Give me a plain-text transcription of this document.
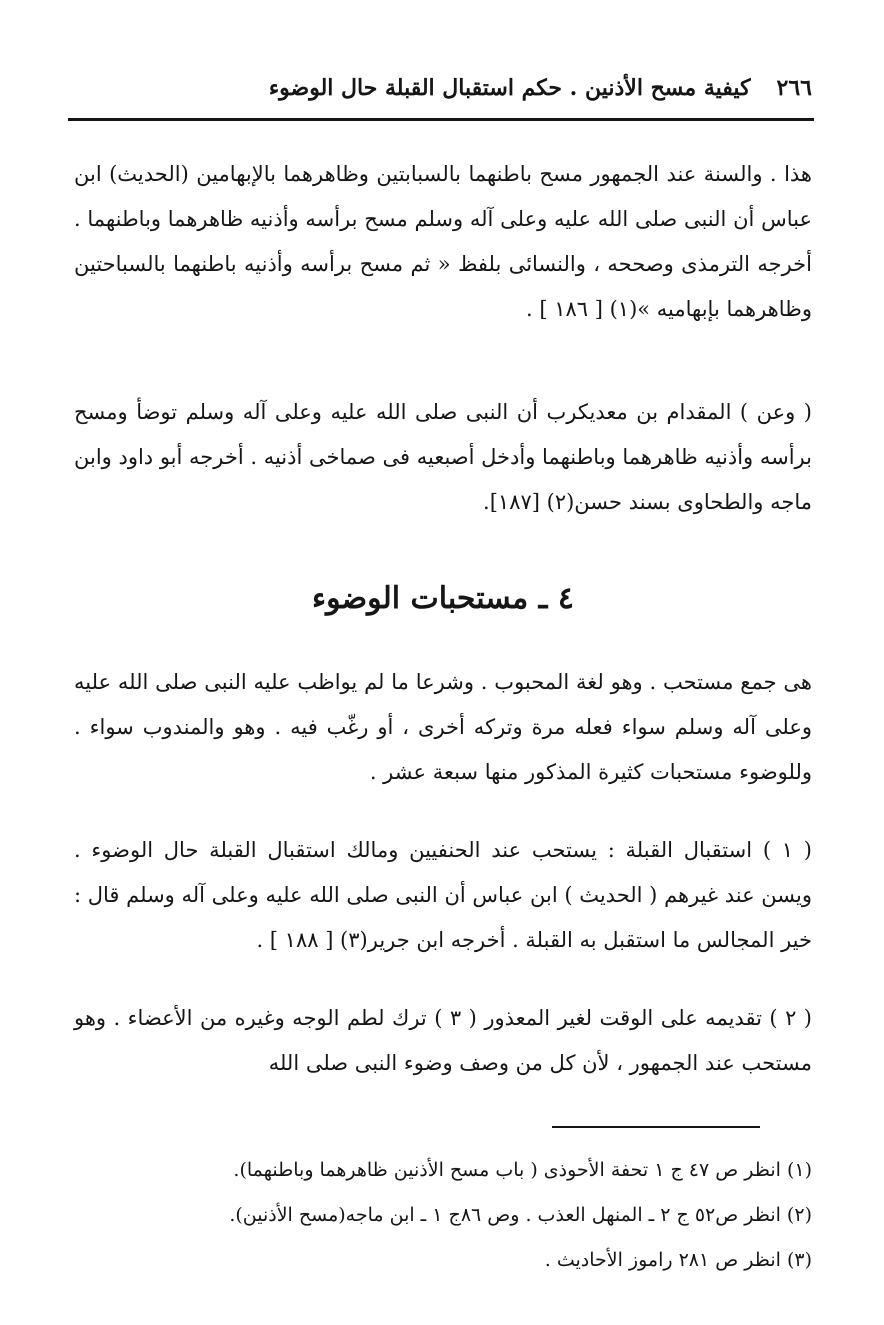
٢٦٦
كيفية مسح الأذنين . حكم استقبال القبلة حال الوضوء

هذا . والسنة عند الجمهور مسح باطنهما بالسبابتين وظاهرهما بالإبهامين (الحديث) ابن عباس أن النبى صلى الله عليه وعلى آله وسلم مسح برأسه وأذنيه ظاهرهما وباطنهما . أخرجه الترمذى وصححه ، والنسائى بلفظ « ثم مسح برأسه وأذنيه باطنهما بالسباحتين وظاهرهما بإبهاميه »(١) [ ١٨٦ ] .

( وعن ) المقدام بن معديكرب أن النبى صلى الله عليه وعلى آله وسلم توضأ ومسح برأسه وأذنيه ظاهرهما وباطنهما وأدخل أصبعيه فى صماخى أذنيه . أخرجه أبو داود وابن ماجه والطحاوى بسند حسن(٢) [١٨٧].

٤ ـ مستحبات الوضوء

هى جمع مستحب . وهو لغة المحبوب . وشرعا ما لم يواظب عليه النبى صلى الله عليه وعلى آله وسلم سواء فعله مرة وتركه أخرى ، أو رغّب فيه . وهو والمندوب سواء . وللوضوء مستحبات كثيرة المذكور منها سبعة عشر .

( ١ ) استقبال القبلة : يستحب عند الحنفيين ومالك استقبال القبلة حال الوضوء . ويسن عند غيرهم ( الحديث ) ابن عباس أن النبى صلى الله عليه وعلى آله وسلم قال : خير المجالس ما استقبل به القبلة . أخرجه ابن جرير(٣) [ ١٨٨ ] .

( ٢ ) تقديمه على الوقت لغير المعذور ( ٣ ) ترك لطم الوجه وغيره من الأعضاء . وهو مستحب عند الجمهور ، لأن كل من وصف وضوء النبى صلى الله

(١) انظر ص ٤٧ ج ١ تحفة الأحوذى ( باب مسح الأذنين ظاهرهما وباطنهما).

(٢) انظر ص٥٢ ج ٢ ـ المنهل العذب . وص ٨٦ج ١ ـ ابن ماجه(مسح الأذنين).

(٣) انظر ص ٢٨١ راموز الأحاديث .
